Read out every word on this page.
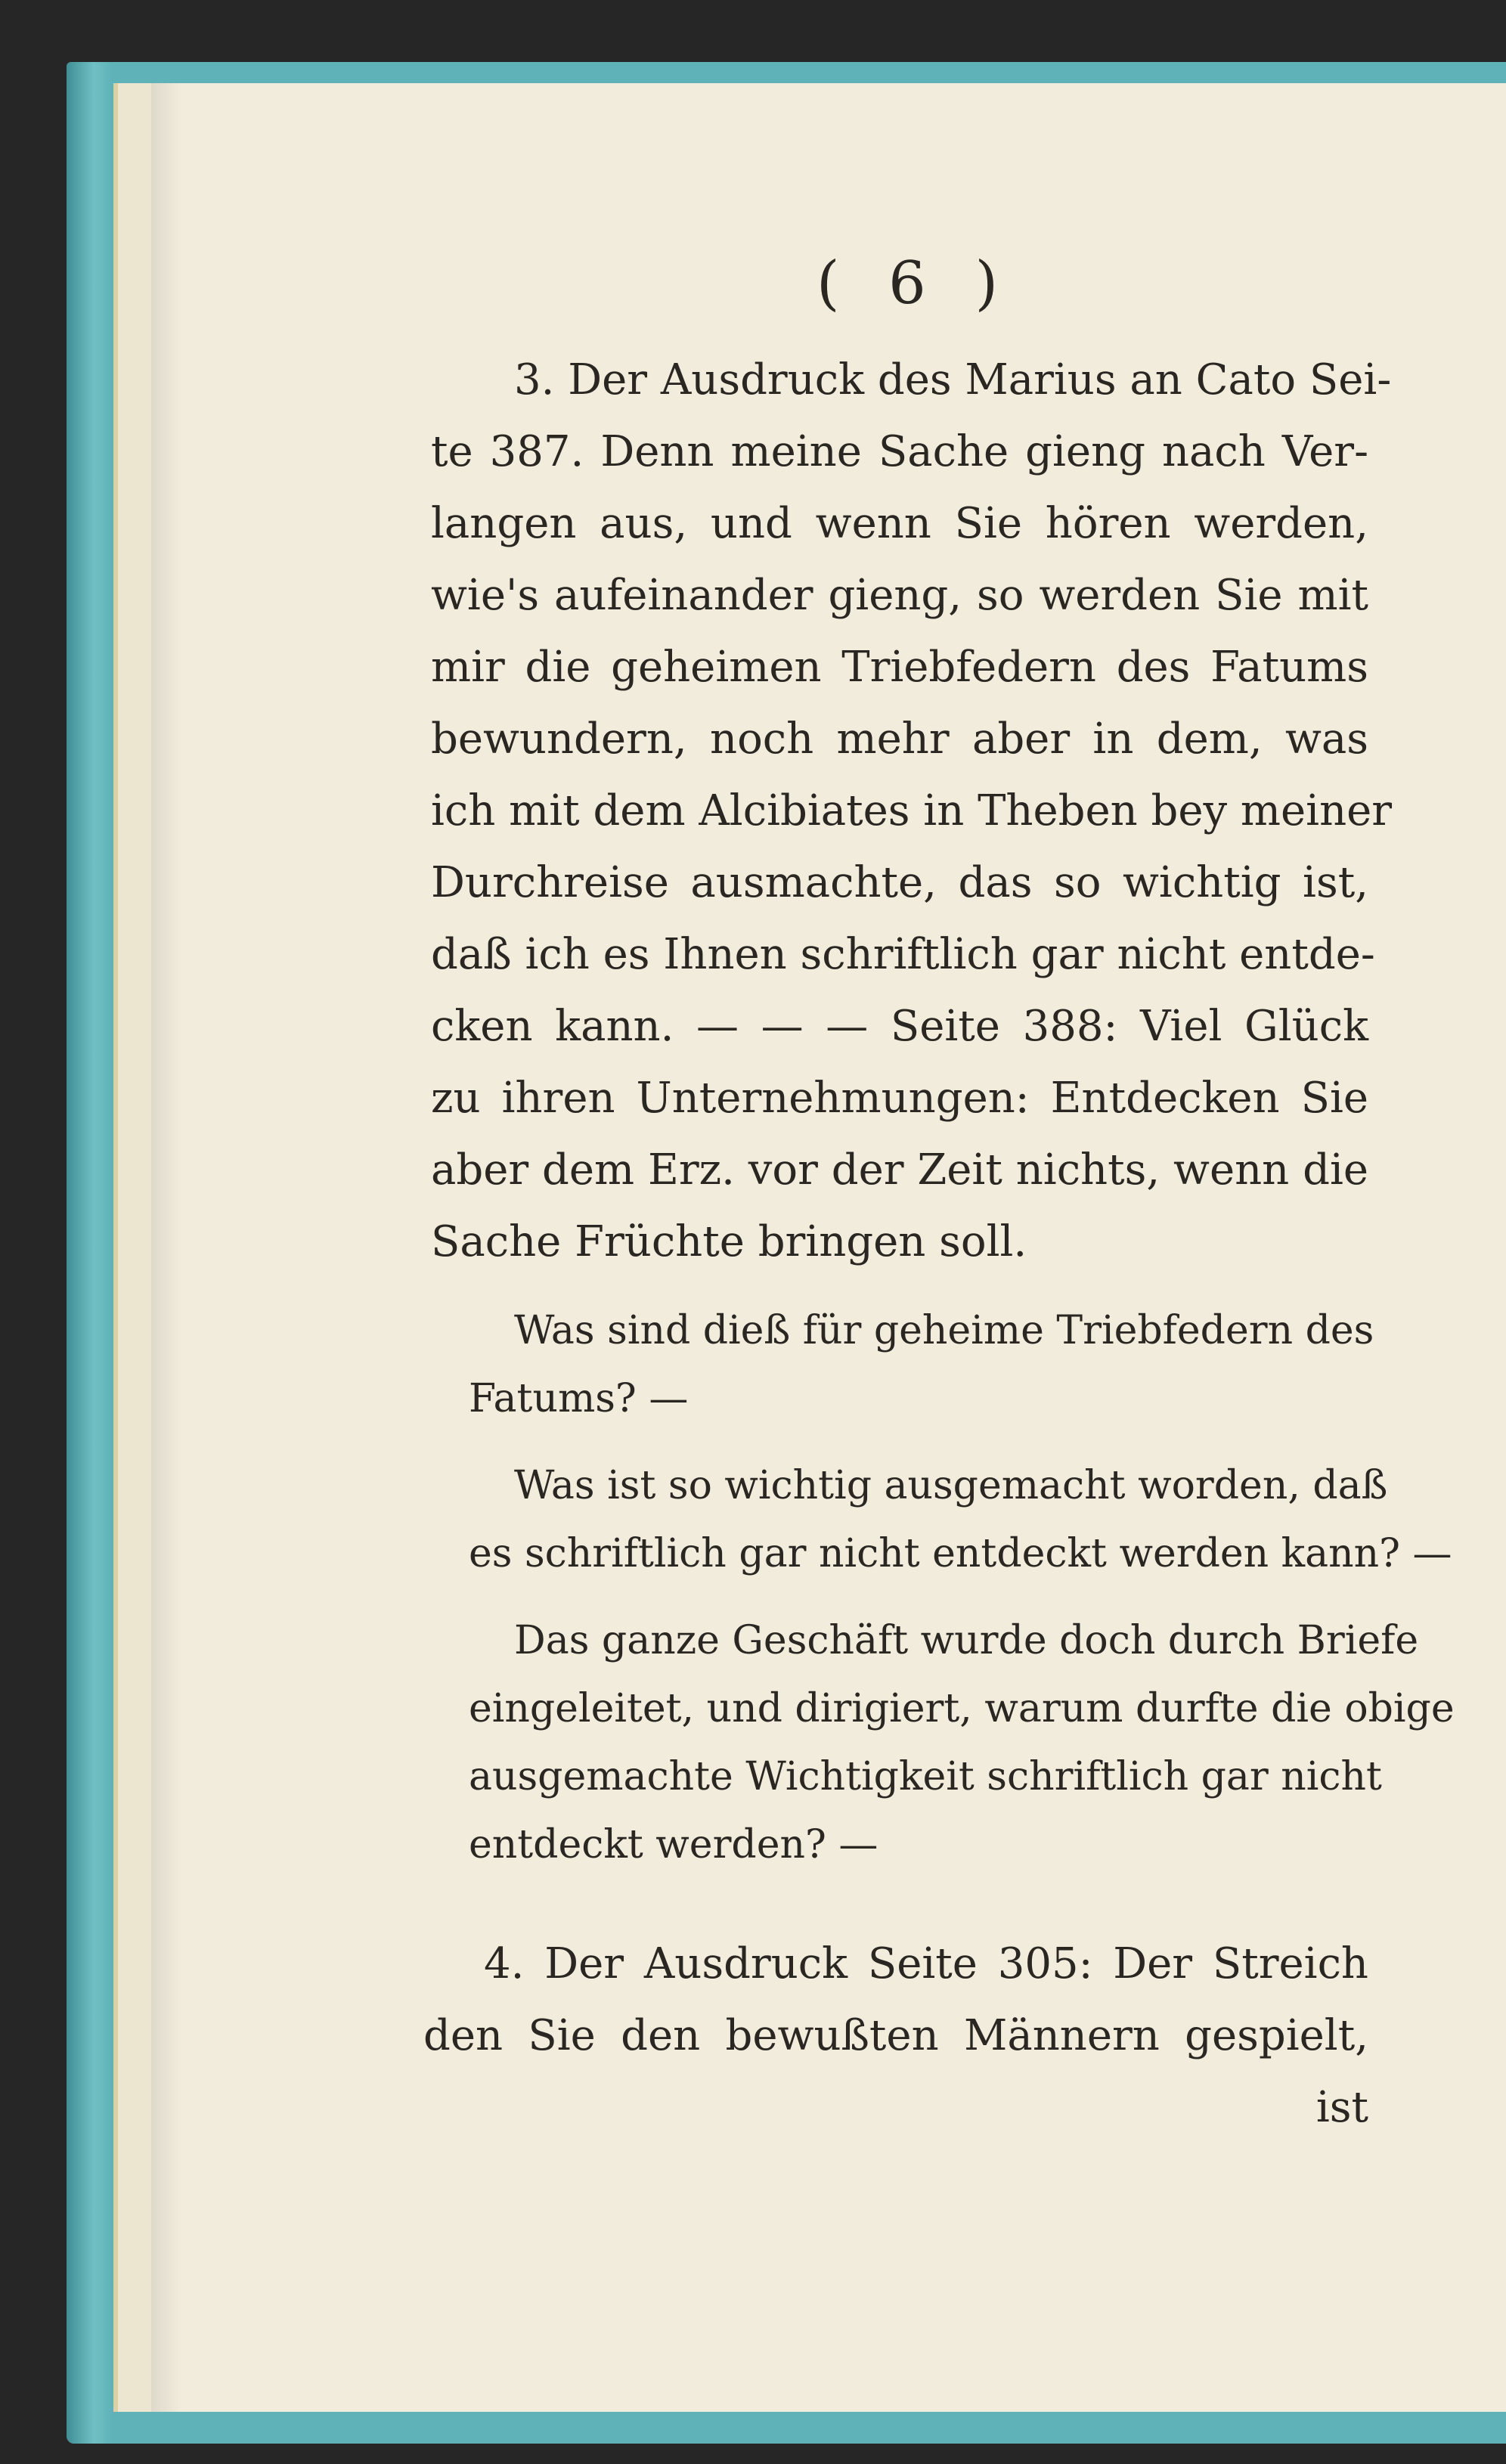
( 6 )
3. Der Ausdruck des Marius an Cato Sei-
te 387. Denn meine Sache gieng nach Ver-
langen aus, und wenn Sie hören werden,
wie's aufeinander gieng, so werden Sie mit
mir die geheimen Triebfedern des Fatums
bewundern, noch mehr aber in dem, was
ich mit dem Alcibiates in Theben bey meiner
Durchreise ausmachte, das so wichtig ist,
daß ich es Ihnen schriftlich gar nicht entde-
cken kann. — — — Seite 388: Viel Glück
zu ihren Unternehmungen: Entdecken Sie
aber dem Erz. vor der Zeit nichts, wenn die
Sache Früchte bringen soll.
Was sind dieß für geheime Triebfedern des
Fatums? —
Was ist so wichtig ausgemacht worden, daß
es schriftlich gar nicht entdeckt werden kann? —
Das ganze Geschäft wurde doch durch Briefe
eingeleitet, und dirigiert, warum durfte die obige
ausgemachte Wichtigkeit schriftlich gar nicht
entdeckt werden? —
4. Der Ausdruck Seite 305: Der Streich
den Sie den bewußten Männern gespielt,
ist
